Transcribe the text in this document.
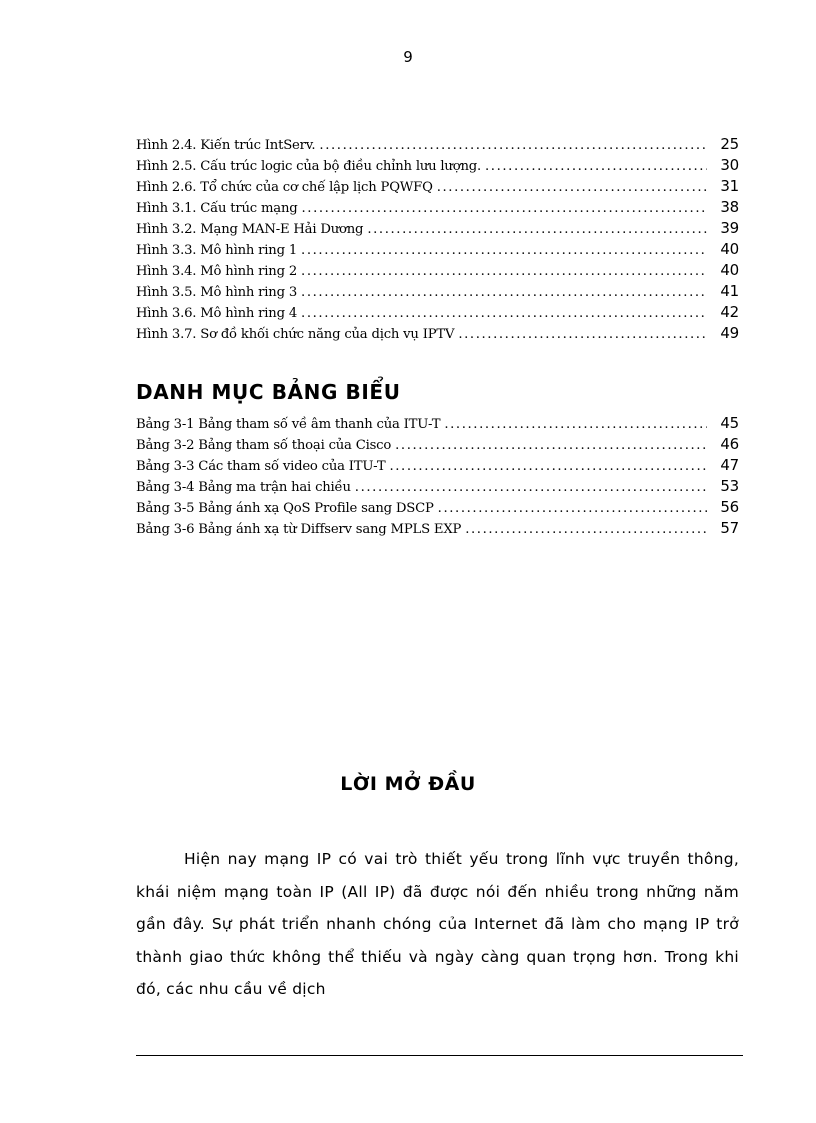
9
Hình 2.4. Kiến trúc IntServ. .....	25
Hình 2.5. Cấu trúc logic của bộ điều chỉnh lưu lượng. .....	30
Hình 2.6. Tổ chức của cơ chế lập lịch PQWFQ .....	31
Hình 3.1. Cấu trúc mạng .....	38
Hình 3.2. Mạng MAN-E Hải Dương .....	39
Hình 3.3. Mô hình ring 1 .....	40
Hình 3.4. Mô hình ring 2 .....	40
Hình 3.5. Mô hình ring 3 .....	41
Hình 3.6. Mô hình ring 4 .....	42
Hình 3.7. Sơ đồ khối chức năng của dịch vụ IPTV .....	49
DANH MỤC BẢNG BIỂU
Bảng 3-1 Bảng tham số về âm thanh của ITU-T .....	45
Bảng 3-2 Bảng tham số thoại của Cisco .....	46
Bảng 3-3 Các tham số video của ITU-T .....	47
Bảng 3-4 Bảng ma trận hai chiều .....	53
Bảng 3-5 Bảng ánh xạ QoS Profile sang DSCP .....	56
Bảng 3-6 Bảng ánh xạ từ Diffserv sang MPLS EXP .....	57
LỜI MỞ ĐẦU

Hiện nay mạng IP có vai trò thiết yếu trong lĩnh vực truyền thông, khái niệm mạng toàn IP (All IP) đã được nói đến nhiều trong những năm gần đây. Sự phát triển nhanh chóng của Internet đã làm cho mạng IP trở thành giao thức không thể thiếu và ngày càng quan trọng hơn. Trong khi đó, các nhu cầu về dịch
